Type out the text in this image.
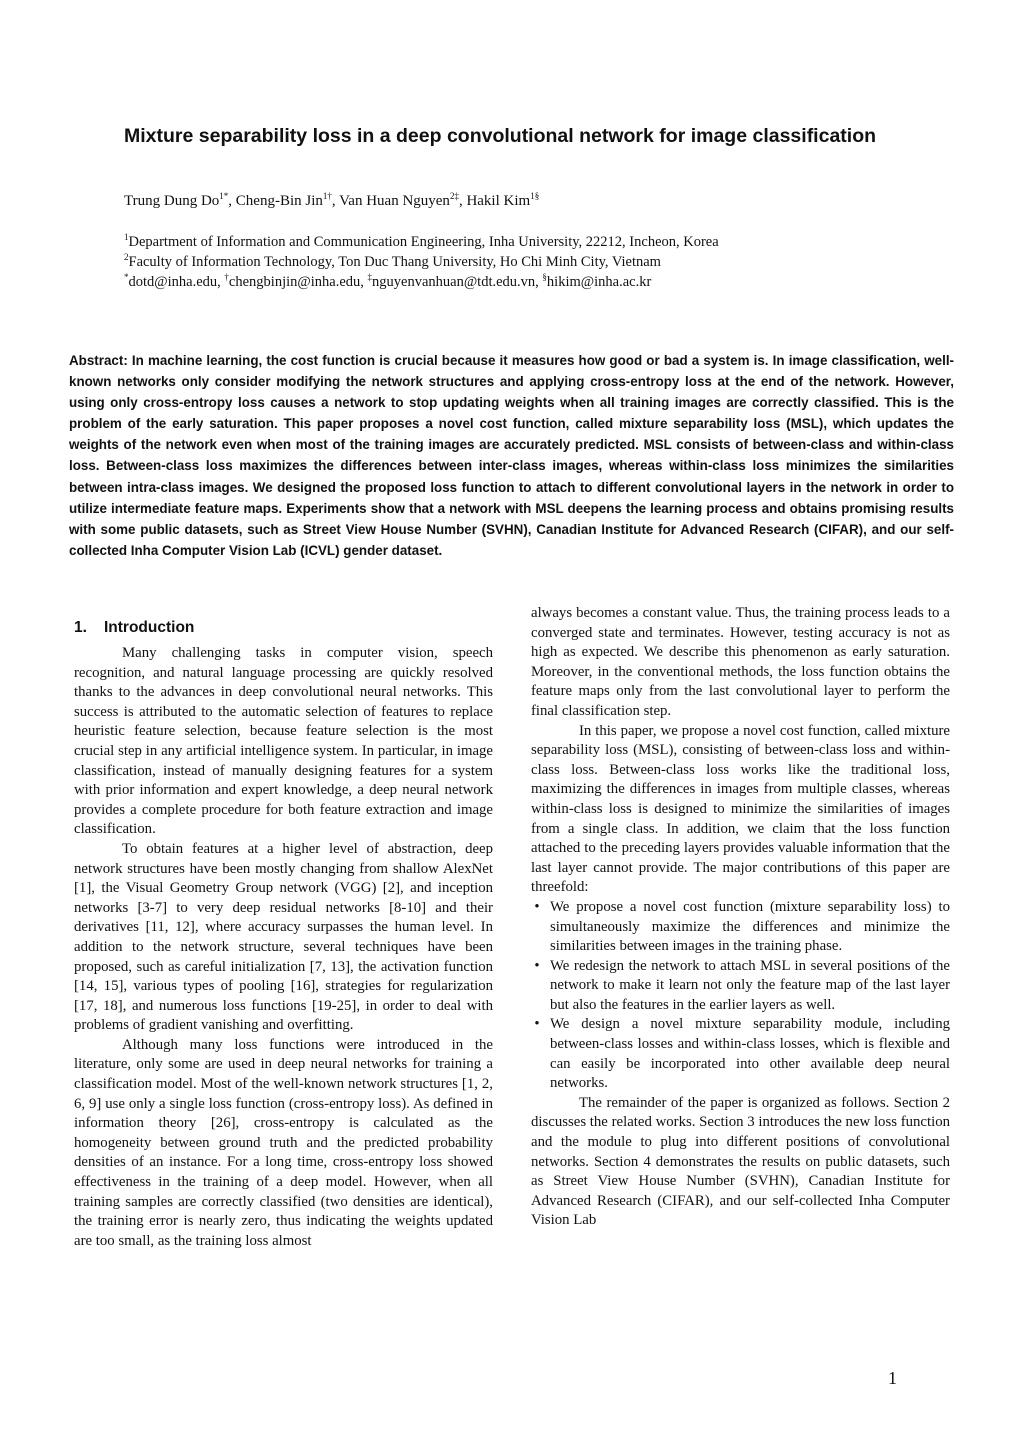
Mixture separability loss in a deep convolutional network for image classification

Trung Dung $Do^{1*}$, Cheng-Bin Jin$^{1\dagger}$, Van Huan Nguyen$^{2\ddagger}$, Hakil Kim$^{1\S}$

$^1$Department of Information and Communication Engineering, Inha University, 22212, Incheon, Korea

$^2$Faculty of Information Technology, Ton Duc Thang University, Ho Chi Minh City, Vietnam

*dotd@inha.edu, †chengbinjin@inha.edu, ‡nguyenvanhuan@tdt.edu.vn, §hikim@inha.ac.kr

Abstract: In machine learning, the cost function is crucial because it measures how good or bad a system is. In image classification, well-known networks only consider modifying the network structures and applying cross-entropy loss at the end of the network. However, using only cross-entropy loss causes a network to stop updating weights when all training images are correctly classified. This is the problem of the early saturation. This paper proposes a novel cost function, called mixture separability loss (MSL), which updates the weights of the network even when most of the training images are accurately predicted. MSL consists of between-class and within-class loss. Between-class loss maximizes the differences between inter-class images, whereas within-class loss minimizes the similarities between intra-class images. We designed the proposed loss function to attach to different convolutional layers in the network in order to utilize intermediate feature maps. Experiments show that a network with MSL deepens the learning process and obtains promising results with some public datasets, such as Street View House Number (SVHN), Canadian Institute for Advanced Research (CIFAR), and our self-collected Inha Computer Vision Lab (ICVL) gender dataset.

1. Introduction

Many challenging tasks in computer vision, speech recognition, and natural language processing are quickly resolved thanks to the advances in deep convolutional neural networks. This success is attributed to the automatic selection of features to replace heuristic feature selection, because feature selection is the most crucial step in any artificial intelligence system. In particular, in image classification, instead of manually designing features for a system with prior information and expert knowledge, a deep neural network provides a complete procedure for both feature extraction and image classification.

To obtain features at a higher level of abstraction, deep network structures have been mostly changing from shallow AlexNet [1], the Visual Geometry Group network (VGG) [2], and inception networks [3-7] to very deep residual networks [8-10] and their derivatives [11, 12], where accuracy surpasses the human level. In addition to the network structure, several techniques have been proposed, such as careful initialization [7, 13], the activation function [14, 15], various types of pooling [16], strategies for regularization [17, 18], and numerous loss functions [19-25], in order to deal with problems of gradient vanishing and overfitting.

Although many loss functions were introduced in the literature, only some are used in deep neural networks for training a classification model. Most of the well-known network structures [1, 2, 6, 9] use only a single loss function (cross-entropy loss). As defined in information theory [26], cross-entropy is calculated as the homogeneity between ground truth and the predicted probability densities of an instance. For a long time, cross-entropy loss showed effectiveness in the training of a deep model. However, when all training samples are correctly classified (two densities are identical), the training error is nearly zero, thus indicating the weights updated are too small, as the training loss almost

always becomes a constant value. Thus, the training process leads to a converged state and terminates. However, testing accuracy is not as high as expected. We describe this phenomenon as early saturation. Moreover, in the conventional methods, the loss function obtains the feature maps only from the last convolutional layer to perform the final classification step.

In this paper, we propose a novel cost function, called mixture separability loss (MSL), consisting of between-class loss and within-class loss. Between-class loss works like the traditional loss, maximizing the differences in images from multiple classes, whereas within-class loss is designed to minimize the similarities of images from a single class. In addition, we claim that the loss function attached to the preceding layers provides valuable information that the last layer cannot provide. The major contributions of this paper are threefold:

• We propose a novel cost function (mixture separability loss) to simultaneously maximize the differences and minimize the similarities between images in the training phase.
• We redesign the network to attach MSL in several positions of the network to make it learn not only the feature map of the last layer but also the features in the earlier layers as well.
• We design a novel mixture separability module, including between-class losses and within-class losses, which is flexible and can easily be incorporated into other available deep neural networks.

The remainder of the paper is organized as follows. Section 2 discusses the related works. Section 3 introduces the new loss function and the module to plug into different positions of convolutional networks. Section 4 demonstrates the results on public datasets, such as Street View House Number (SVHN), Canadian Institute for Advanced Research (CIFAR), and our self-collected Inha Computer Vision Lab

1
